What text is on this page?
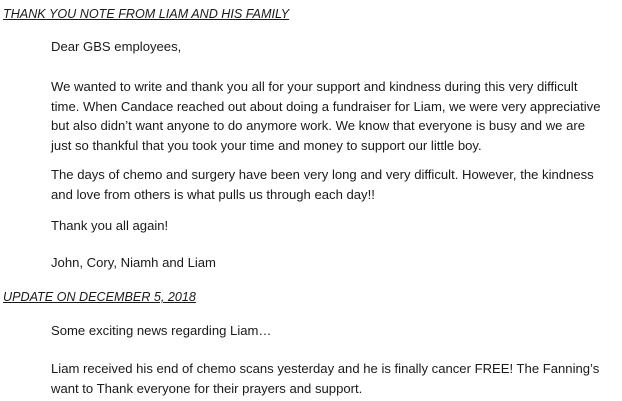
THANK YOU NOTE FROM LIAM AND HIS FAMILY
Dear GBS employees,
We wanted to write and thank you all for your support and kindness during this very difficult
time. When Candace reached out about doing a fundraiser for Liam, we were very appreciative
but also didn’t want anyone to do anymore work. We know that everyone is busy and we are
just so thankful that you took your time and money to support our little boy.
The days of chemo and surgery have been very long and very difficult. However, the kindness
and love from others is what pulls us through each day!!
Thank you all again!
John, Cory, Niamh and Liam
UPDATE ON DECEMBER 5, 2018
Some exciting news regarding Liam…
Liam received his end of chemo scans yesterday and he is finally cancer FREE! The Fanning’s
want to Thank everyone for their prayers and support.
